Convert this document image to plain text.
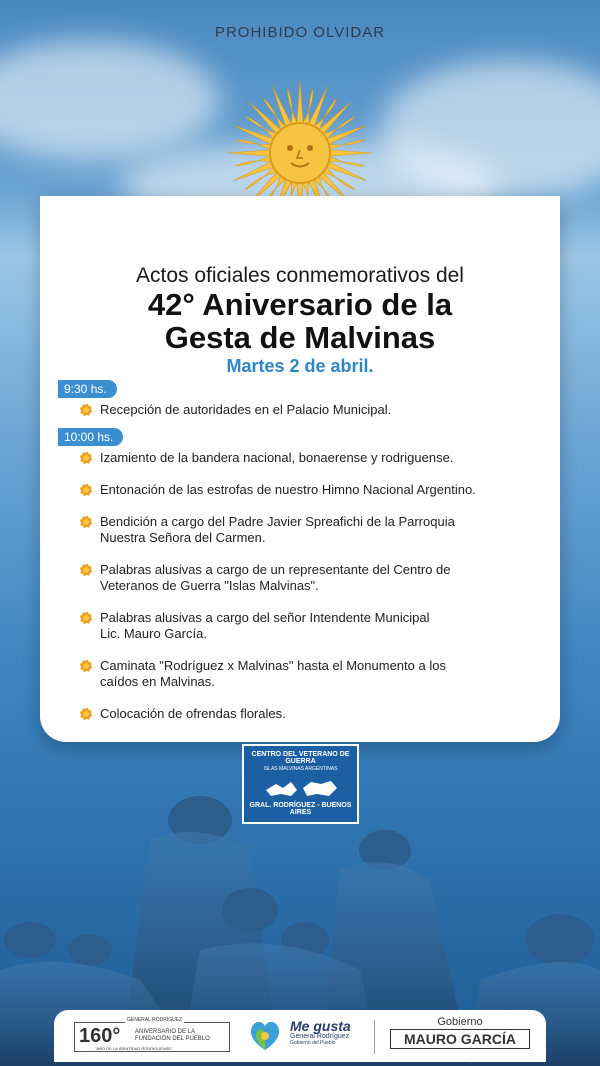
PROHIBIDO OLVIDAR
Actos oficiales conmemorativos del
42° Aniversario de la
Gesta de Malvinas
Martes 2 de abril.
9:30 hs.
Recepción de autoridades en el Palacio Municipal.
10:00 hs.
Izamiento de la bandera nacional, bonaerense y rodriguense.
Entonación de las estrofas de nuestro Himno Nacional Argentino.
Bendición a cargo del Padre Javier Spreafichi de la Parroquia
Nuestra Señora del Carmen.
Palabras alusivas a cargo de un representante del Centro de
Veteranos de Guerra "Islas Malvinas".
Palabras alusivas a cargo del señor Intendente Municipal
Lic. Mauro García.
Caminata "Rodríguez x Malvinas" hasta el Monumento a los
caídos en Malvinas.
Colocación de ofrendas florales.
CENTRO DEL VETERANO DE GUERRA
ISLAS MALVINAS ARGENTINAS
GRAL. RODRÍGUEZ - BUENOS AIRES
GENERAL RODRÍGUEZ
160° ANIVERSARIO DE LA
FUNDACIÓN DEL PUEBLO
"AÑO DE LA IDENTIDAD RODRIGUENSE"
Me gusta
General Rodríguez
Gobierno del Pueblo
Gobierno
MAURO GARCÍA
